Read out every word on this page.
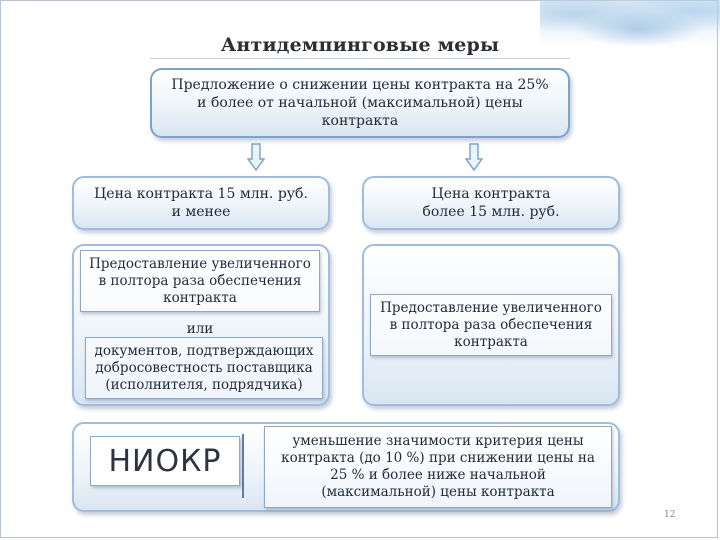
Антидемпинговые меры
Предложение о снижении цены контракта на 25% и более от начальной (максимальной) цены контракта
Цена контракта 15 млн. руб. и менее
Цена контракта более 15 млн. руб.
Предоставление увеличенного в полтора раза обеспечения контракта
или
документов, подтверждающих добросовестность поставщика (исполнителя, подрядчика)
Предоставление увеличенного в полтора раза обеспечения контракта
НИОКР
уменьшение значимости критерия цены контракта (до 10 %) при снижении цены на 25 % и более ниже начальной (максимальной) цены контракта
12
